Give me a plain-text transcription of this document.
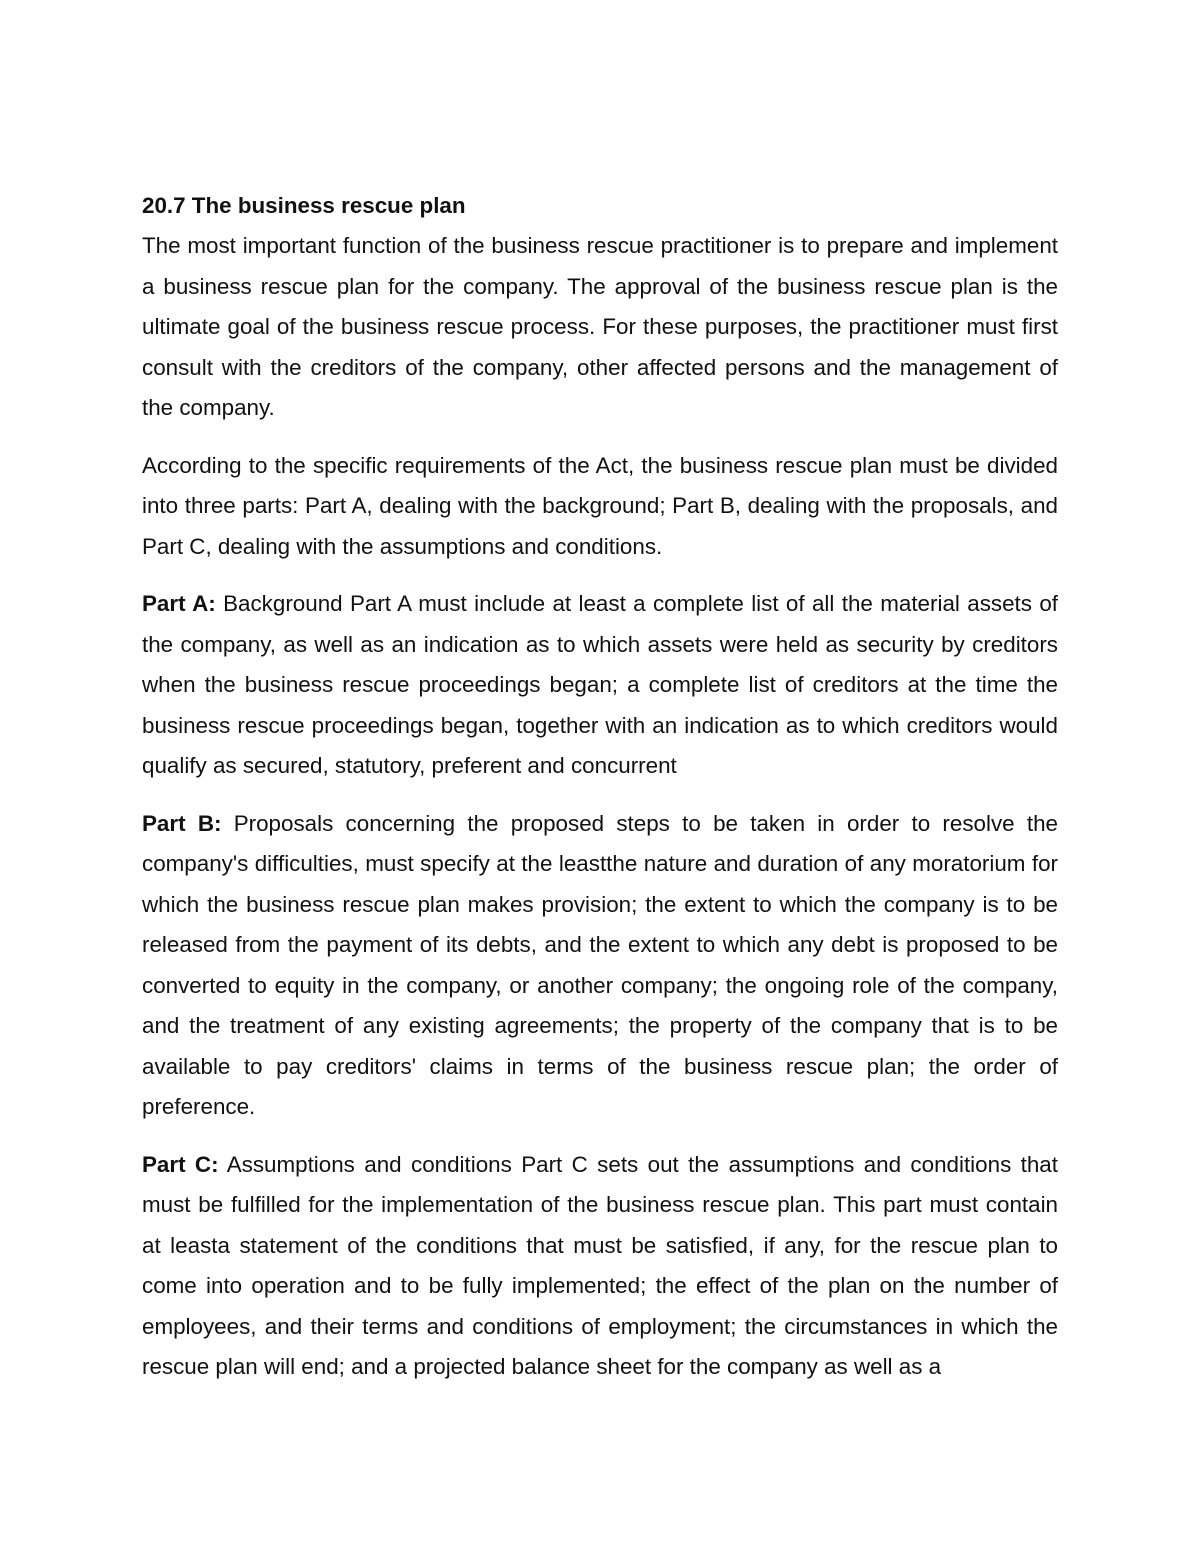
20.7 The business rescue plan

The most important function of the business rescue practitioner is to prepare and implement a business rescue plan for the company. The approval of the business rescue plan is the ultimate goal of the business rescue process. For these purposes, the practitioner must first consult with the creditors of the company, other affected persons and the management of the company.

According to the specific requirements of the Act, the business rescue plan must be divided into three parts: Part A, dealing with the background; Part B, dealing with the proposals, and Part C, dealing with the assumptions and conditions.

Part A: Background Part A must include at least a complete list of all the material assets of the company, as well as an indication as to which assets were held as security by creditors when the business rescue proceedings began; a complete list of creditors at the time the business rescue proceedings began, together with an indication as to which creditors would qualify as secured, statutory, preferent and concurrent

Part B: Proposals concerning the proposed steps to be taken in order to resolve the company's difficulties, must specify at the leastthe nature and duration of any moratorium for which the business rescue plan makes provision; the extent to which the company is to be released from the payment of its debts, and the extent to which any debt is proposed to be converted to equity in the company, or another company; the ongoing role of the company, and the treatment of any existing agreements; the property of the company that is to be available to pay creditors' claims in terms of the business rescue plan; the order of preference.

Part C: Assumptions and conditions Part C sets out the assumptions and conditions that must be fulfilled for the implementation of the business rescue plan. This part must contain at leasta statement of the conditions that must be satisfied, if any, for the rescue plan to come into operation and to be fully implemented; the effect of the plan on the number of employees, and their terms and conditions of employment; the circumstances in which the rescue plan will end; and a projected balance sheet for the company as well as a
